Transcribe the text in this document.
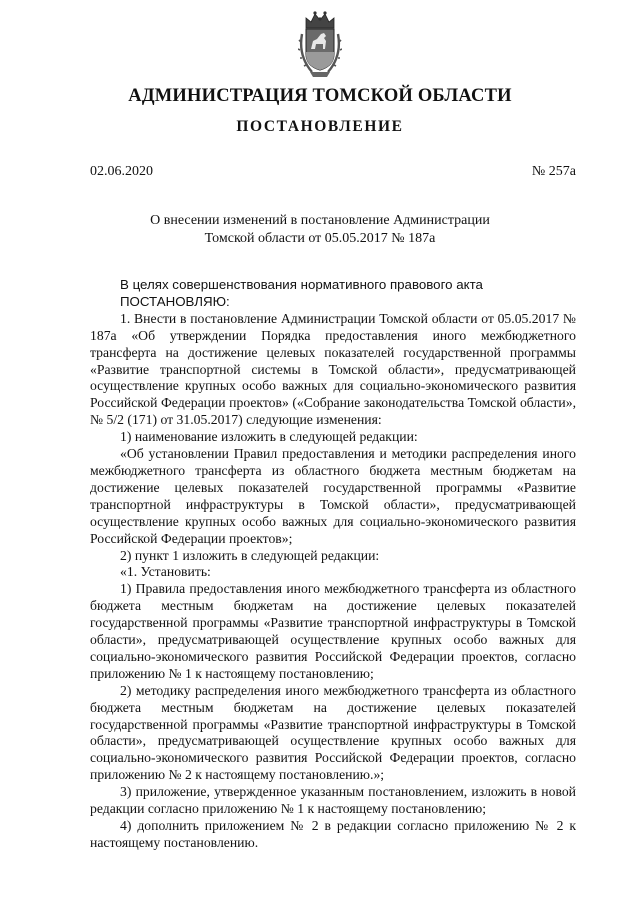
АДМИНИСТРАЦИЯ ТОМСКОЙ ОБЛАСТИ
ПОСТАНОВЛЕНИЕ
02.06.2020	№ 257а
О внесении изменений в постановление Администрации
Томской области от 05.05.2017 № 187а

В целях совершенствования нормативного правового акта

ПОСТАНОВЛЯЮ:

1. Внести в постановление Администрации Томской области от 05.05.2017 № 187а «Об утверждении Порядка предоставления иного межбюджетного трансферта на достижение целевых показателей государственной программы «Развитие транспортной системы в Томской области», предусматривающей осуществление крупных особо важных для социально-экономического развития Российской Федерации проектов» («Собрание законодательства Томской области», № 5/2 (171) от 31.05.2017) следующие изменения:

1) наименование изложить в следующей редакции:

«Об установлении Правил предоставления и методики распределения иного межбюджетного трансферта из областного бюджета местным бюджетам на достижение целевых показателей государственной программы «Развитие транспортной инфраструктуры в Томской области», предусматривающей осуществление крупных особо важных для социально-экономического развития Российской Федерации проектов»;

2) пункт 1 изложить в следующей редакции:

«1. Установить:

1) Правила предоставления иного межбюджетного трансферта из областного бюджета местным бюджетам на достижение целевых показателей государственной программы «Развитие транспортной инфраструктуры в Томской области», предусматривающей осуществление крупных особо важных для социально-экономического развития Российской Федерации проектов, согласно приложению № 1 к настоящему постановлению;

2) методику распределения иного межбюджетного трансферта из областного бюджета местным бюджетам на достижение целевых показателей государственной программы «Развитие транспортной инфраструктуры в Томской области», предусматривающей осуществление крупных особо важных для социально-экономического развития Российской Федерации проектов, согласно приложению № 2 к настоящему постановлению.»;

3) приложение, утвержденное указанным постановлением, изложить в новой редакции согласно приложению № 1 к настоящему постановлению;

4) дополнить приложением № 2 в редакции согласно приложению № 2 к настоящему постановлению.
